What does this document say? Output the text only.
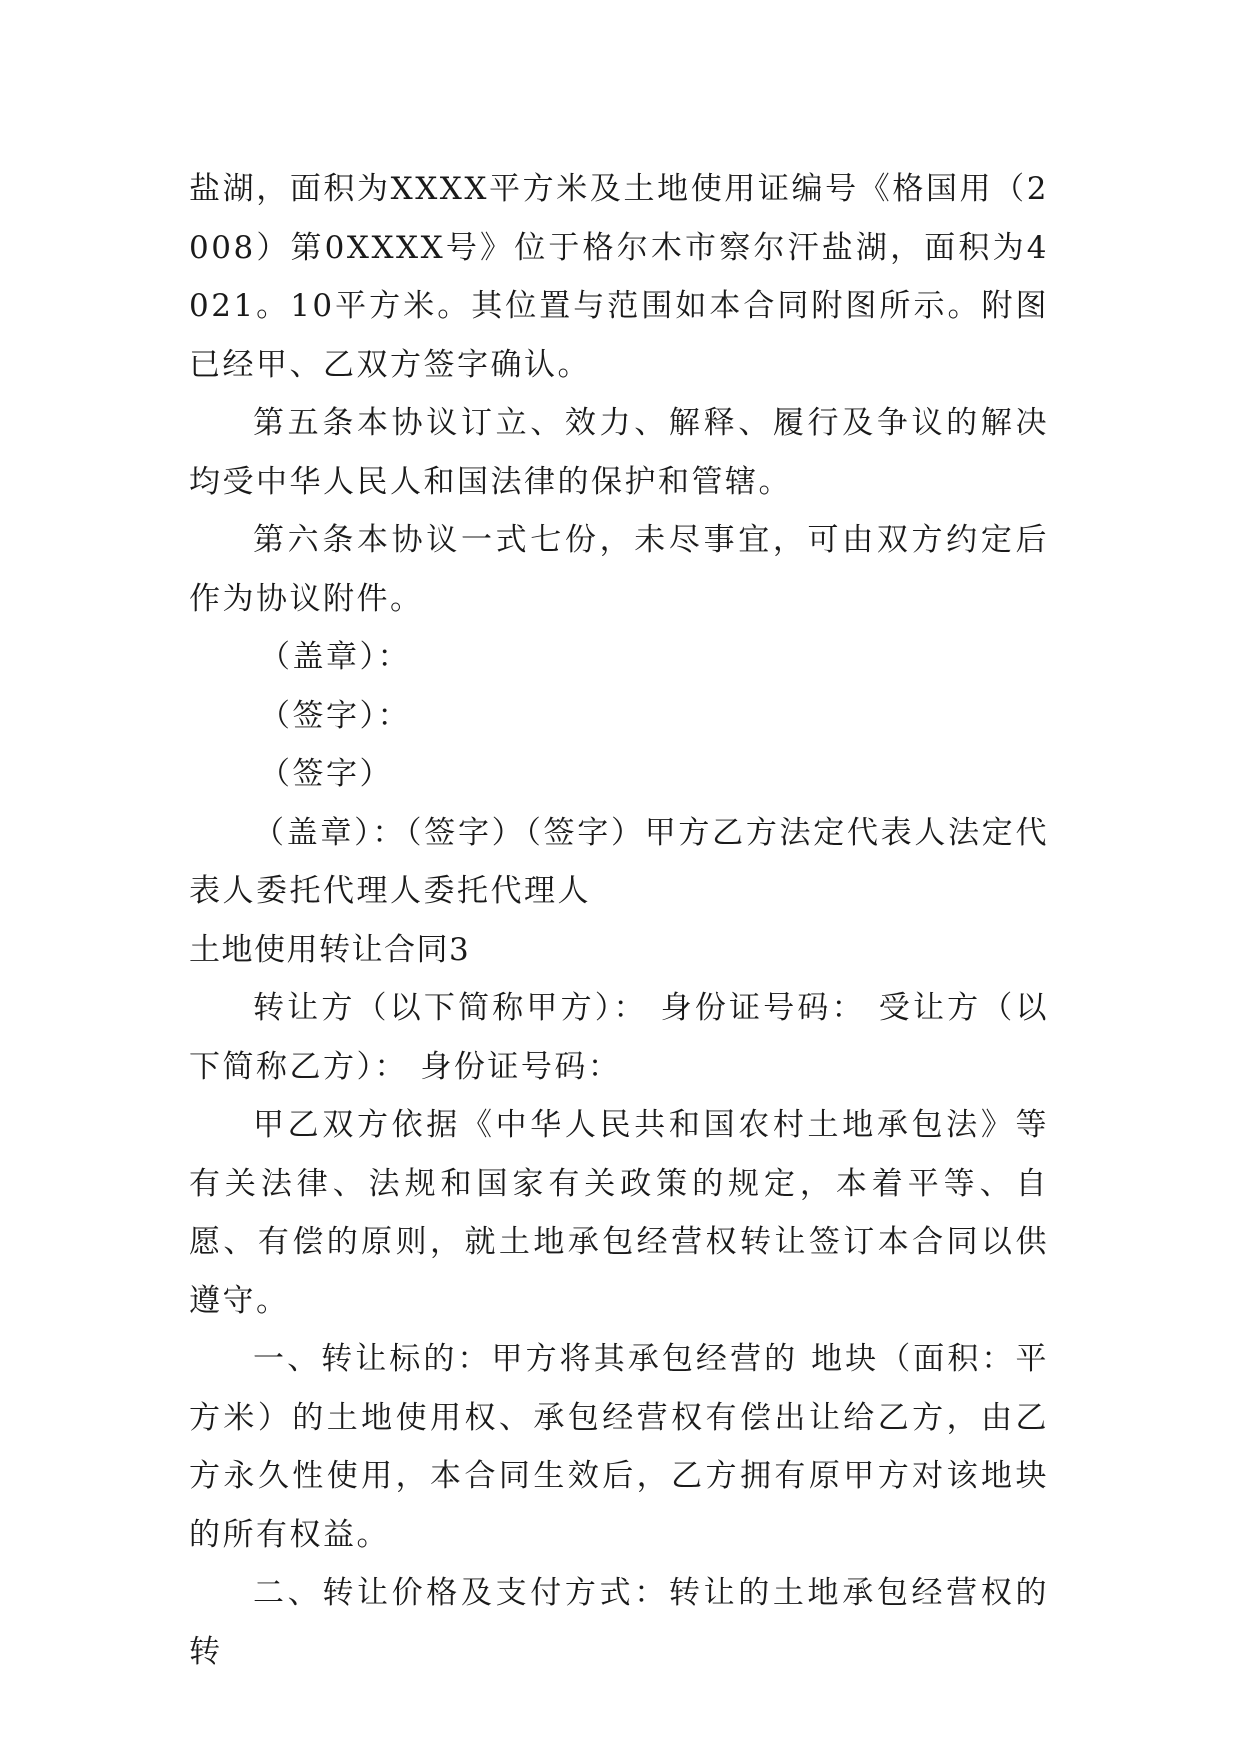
盐湖，面积为XXXX平方米及土地使用证编号《格国用（2008）第0XXXX号》位于格尔木市察尔汗盐湖，面积为4021。10平方米。其位置与范围如本合同附图所示。附图已经甲、乙双方签字确认。

第五条本协议订立、效力、解释、履行及争议的解决均受中华人民人和国法律的保护和管辖。

第六条本协议一式七份，未尽事宜，可由双方约定后作为协议附件。

（盖章）：

（签字）：

（签字）

（盖章）：（签字）（签字）甲方乙方法定代表人法定代表人委托代理人委托代理人

土地使用转让合同3

转让方（以下简称甲方）： 身份证号码： 受让方（以下简称乙方）： 身份证号码：

甲乙双方依据《中华人民共和国农村土地承包法》等有关法律、法规和国家有关政策的规定，本着平等、自愿、有偿的原则，就土地承包经营权转让签订本合同以供遵守。

一、转让标的：甲方将其承包经营的 地块（面积：平方米）的土地使用权、承包经营权有偿出让给乙方，由乙方永久性使用，本合同生效后，乙方拥有原甲方对该地块的所有权益。

二、转让价格及支付方式：转让的土地承包经营权的转
